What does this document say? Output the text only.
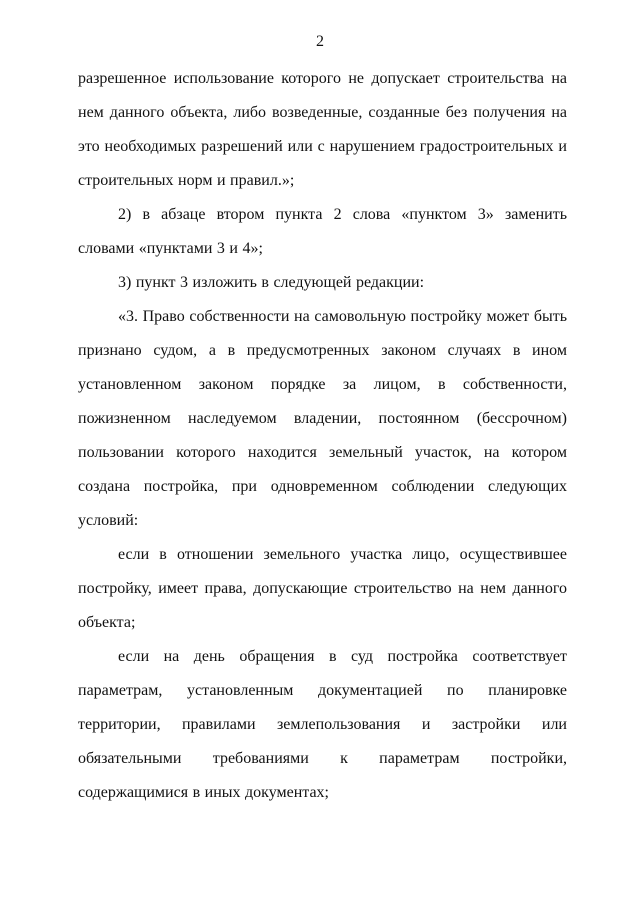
2

разрешенное использование которого не допускает строительства на нем данного объекта, либо возведенные, созданные без получения на это необходимых разрешений или с нарушением градостроительных и строительных норм и правил.»;

2) в абзаце втором пункта 2 слова «пунктом 3» заменить словами «пунктами 3 и 4»;

3) пункт 3 изложить в следующей редакции:

«3. Право собственности на самовольную постройку может быть признано судом, а в предусмотренных законом случаях в ином установленном законом порядке за лицом, в собственности, пожизненном наследуемом владении, постоянном (бессрочном) пользовании которого находится земельный участок, на котором создана постройка, при одновременном соблюдении следующих условий:

если в отношении земельного участка лицо, осуществившее постройку, имеет права, допускающие строительство на нем данного объекта;

если на день обращения в суд постройка соответствует параметрам, установленным документацией по планировке территории, правилами землепользования и застройки или обязательными требованиями к параметрам постройки, содержащимися в иных документах;
